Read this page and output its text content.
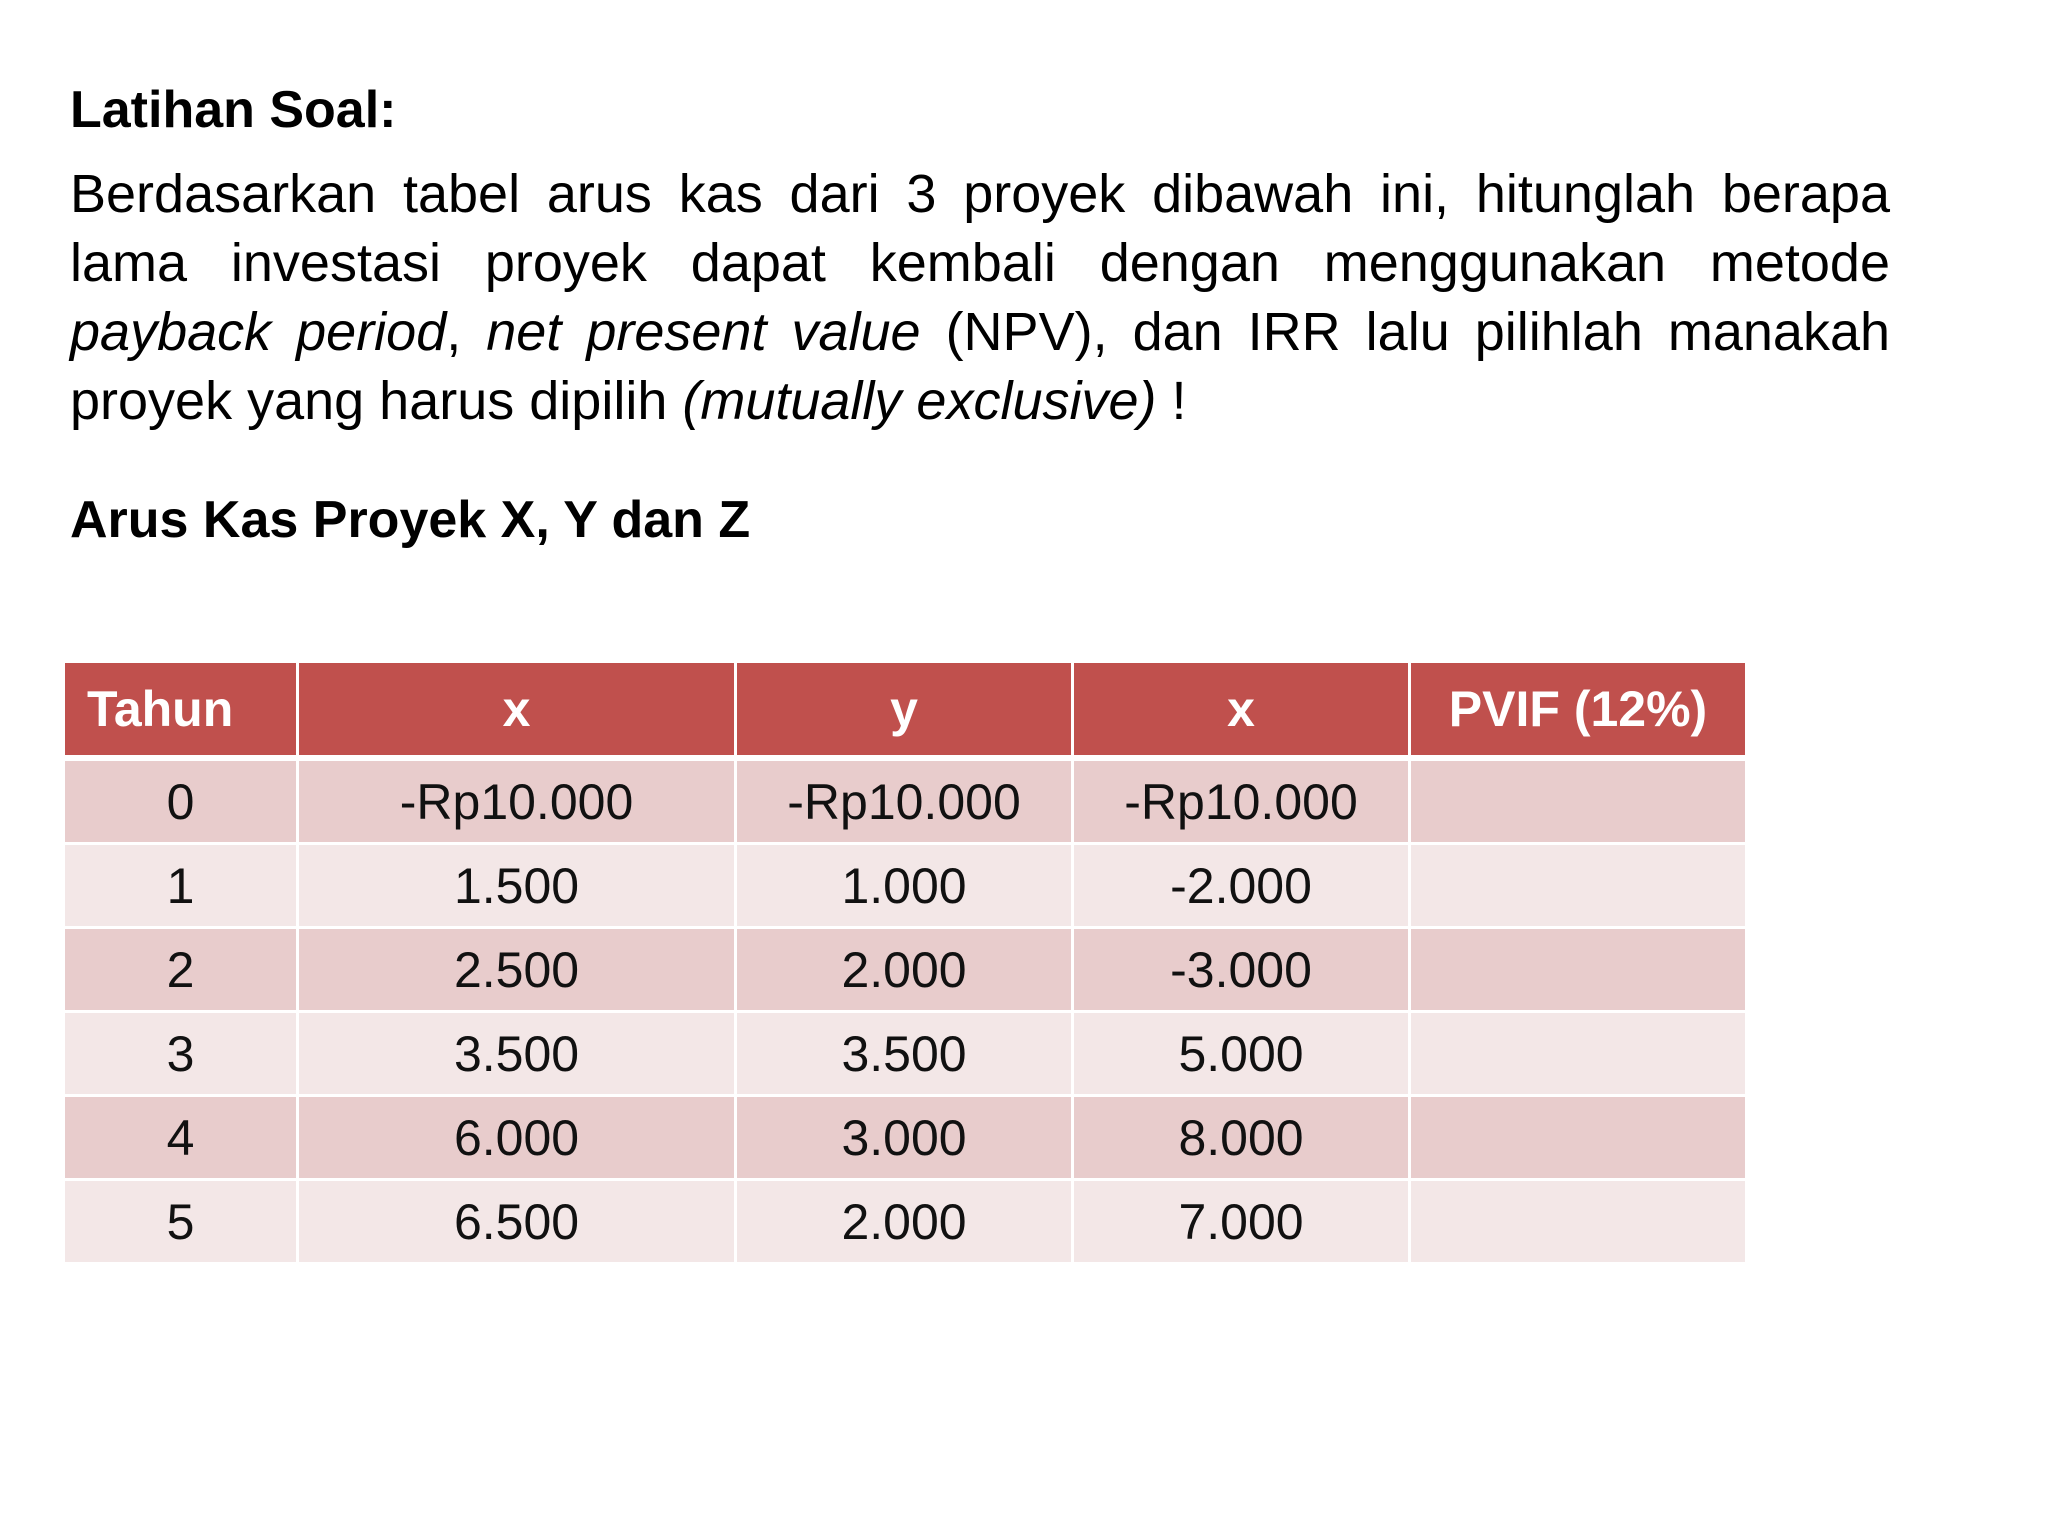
Latihan Soal:

Berdasarkan tabel arus kas dari 3 proyek dibawah ini, hitunglah berapa lama investasi proyek dapat kembali dengan menggunakan metode payback period, net present value (NPV), dan IRR lalu pilihlah manakah proyek yang harus dipilih (mutually exclusive) !

Arus Kas Proyek X, Y dan Z
Tahun	x	y	x	PVIF (12%)
0	-Rp10.000	-Rp10.000	-Rp10.000	
1	1.500	1.000	-2.000	
2	2.500	2.000	-3.000	
3	3.500	3.500	5.000	
4	6.000	3.000	8.000	
5	6.500	2.000	7.000	
